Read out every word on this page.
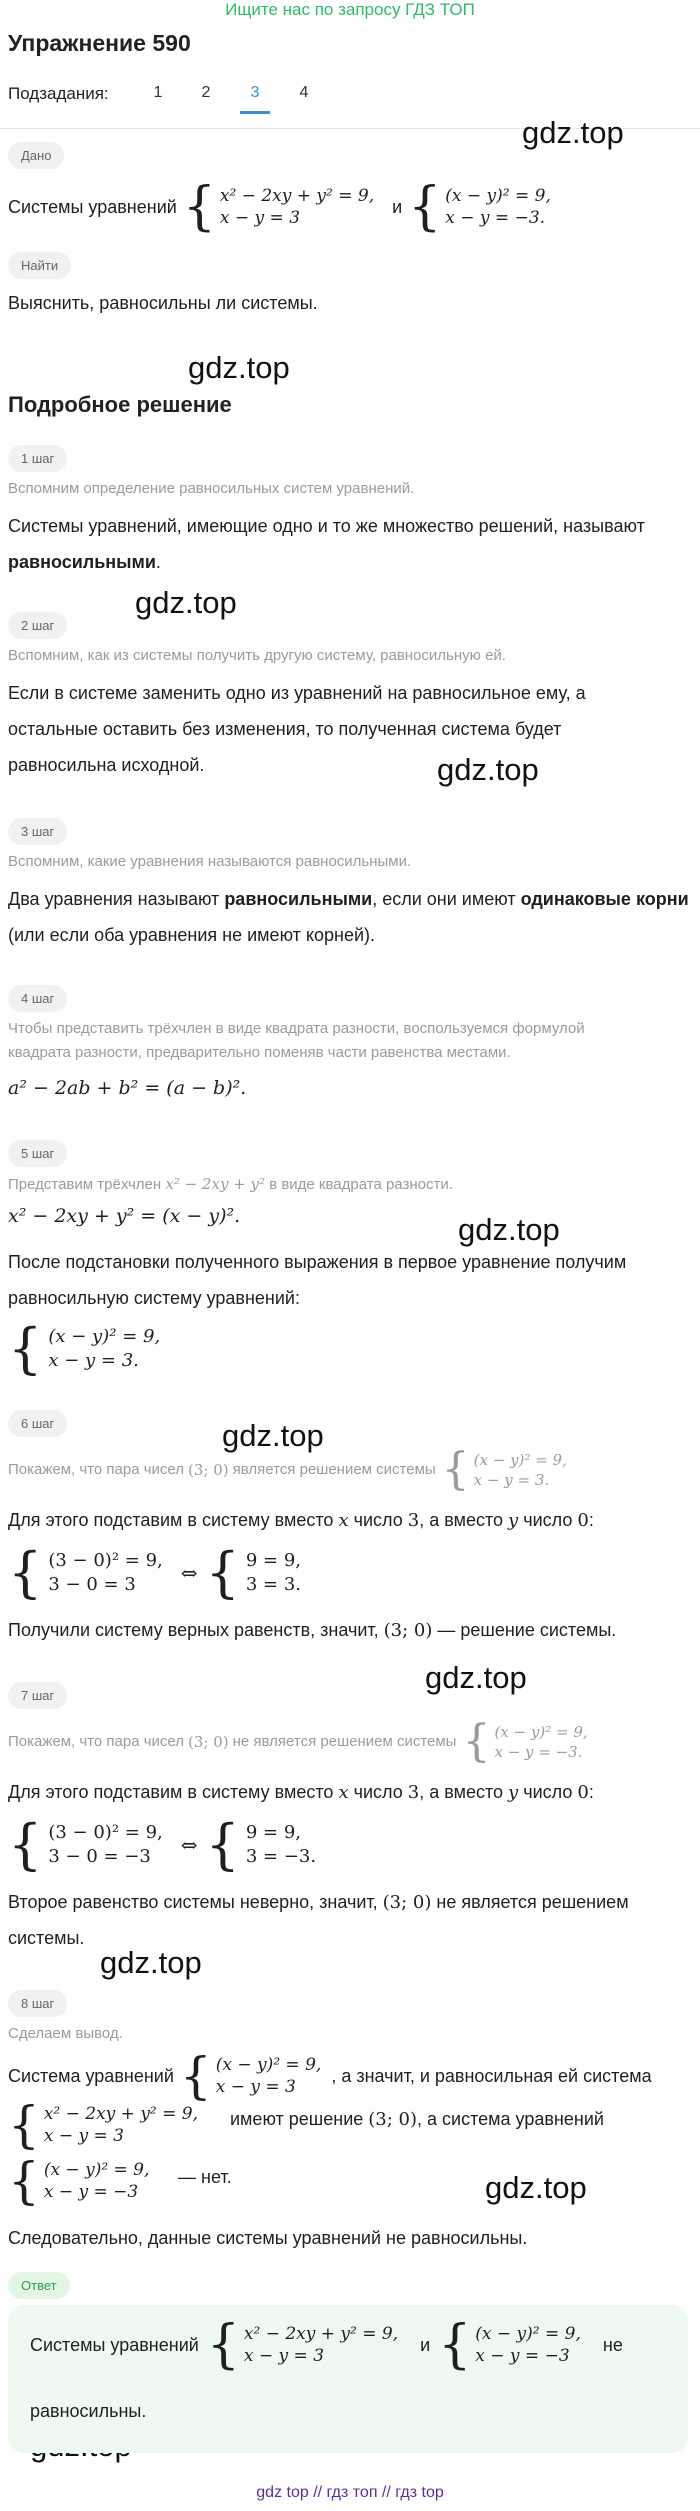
Ищите нас по запросу ГДЗ ТОП
Упражнение 590
Подзадания:	1	2	3	4
gdz.top
gdz.top
gdz.top
gdz.top
gdz.top
gdz.top
gdz.top
gdz.top
gdz.top
Дано
Системы уравнений { x² − 2xy + y² = 9,
x − y = 3
и { (x − y)² = 9,
x − y = −3.
Найти
Выяснить, равносильны ли системы.
Подробное решение
1 шаг
Вспомним определение равносильных систем уравнений.
Системы уравнений, имеющие одно и то же множество решений, называют
равносильными.
2 шаг
Вспомним, как из системы получить другую систему, равносильную ей.
Если в системе заменить одно из уравнений на равносильное ему, а
остальные оставить без изменения, то полученная система будет
равносильна исходной.
3 шаг
Вспомним, какие уравнения называются равносильными.
Два уравнения называют равносильными, если они имеют одинаковые корни
(или если оба уравнения не имеют корней).
4 шаг
Чтобы представить трёхчлен в виде квадрата разности, воспользуемся формулой
квадрата разности, предварительно поменяв части равенства местами.
a² − 2ab + b² = (a − b)².
5 шаг
Представим трёхчлен x² − 2xy + y² в виде квадрата разности.
x² − 2xy + y² = (x − y)².
После подстановки полученного выражения в первое уравнение получим
равносильную систему уравнений:
{ (x − y)² = 9,
x − y = 3.
6 шаг
Покажем, что пара чисел (3; 0) является решением системы { (x − y)² = 9,
x − y = 3.
Для этого подставим в систему вместо x число 3, а вместо y число 0:
{ (3 − 0)² = 9,
3 − 0 = 3	⇔ { 9 = 9,
3 = 3.
Получили систему верных равенств, значит, (3; 0) — решение системы.
7 шаг
Покажем, что пара чисел (3; 0) не является решением системы { (x − y)² = 9,
x − y = −3.
Для этого подставим в систему вместо x число 3, а вместо y число 0:
{ (3 − 0)² = 9,
3 − 0 = −3	⇔ { 9 = 9,
3 = −3.
Второе равенство системы неверно, значит, (3; 0) не является решением
системы.
8 шаг
Сделаем вывод.
Система уравнений { (x − y)² = 9,
x − y = 3
, а значит, и равносильная ей система
{ x² − 2xy + y² = 9,
x − y = 3
имеют решение (3; 0), а система уравнений
{ (x − y)² = 9,
x − y = −3
— нет.
Следовательно, данные системы уравнений не равносильны.
Ответ
Системы уравнений { x² − 2xy + y² = 9,
x − y = 3
и { (x − y)² = 9,
x − y = −3
не
равносильны.
gdz top // гдз топ // гдз top
